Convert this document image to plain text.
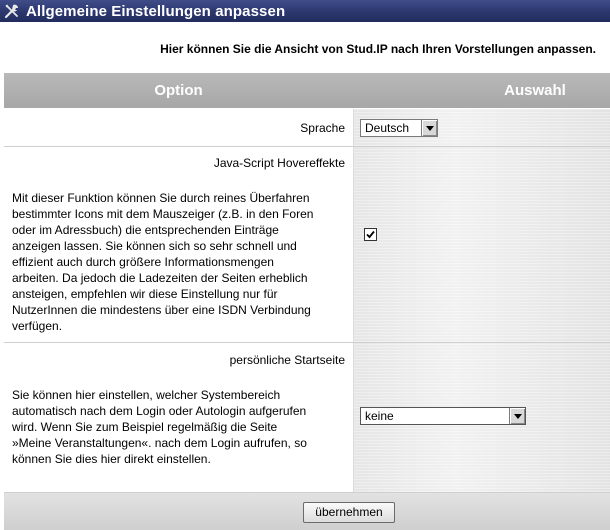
Allgemeine Einstellungen anpassen
Hier können Sie die Ansicht von Stud.IP nach Ihren Vorstellungen anpassen.
Option	Auswahl
Sprache	Deutsch
Java-Script Hovereffekte
Mit dieser Funktion können Sie durch reines Überfahren
bestimmter Icons mit dem Mauszeiger (z.B. in den Foren
oder im Adressbuch) die entsprechenden Einträge
anzeigen lassen. Sie können sich so sehr schnell und
effizient auch durch größere Informationsmengen
arbeiten. Da jedoch die Ladezeiten der Seiten erheblich
ansteigen, empfehlen wir diese Einstellung nur für
NutzerInnen die mindestens über eine ISDN Verbindung
verfügen.
persönliche Startseite
Sie können hier einstellen, welcher Systembereich
automatisch nach dem Login oder Autologin aufgerufen
wird. Wenn Sie zum Beispiel regelmäßig die Seite
»Meine Veranstaltungen«. nach dem Login aufrufen, so
können Sie dies hier direkt einstellen.
keine
übernehmen
